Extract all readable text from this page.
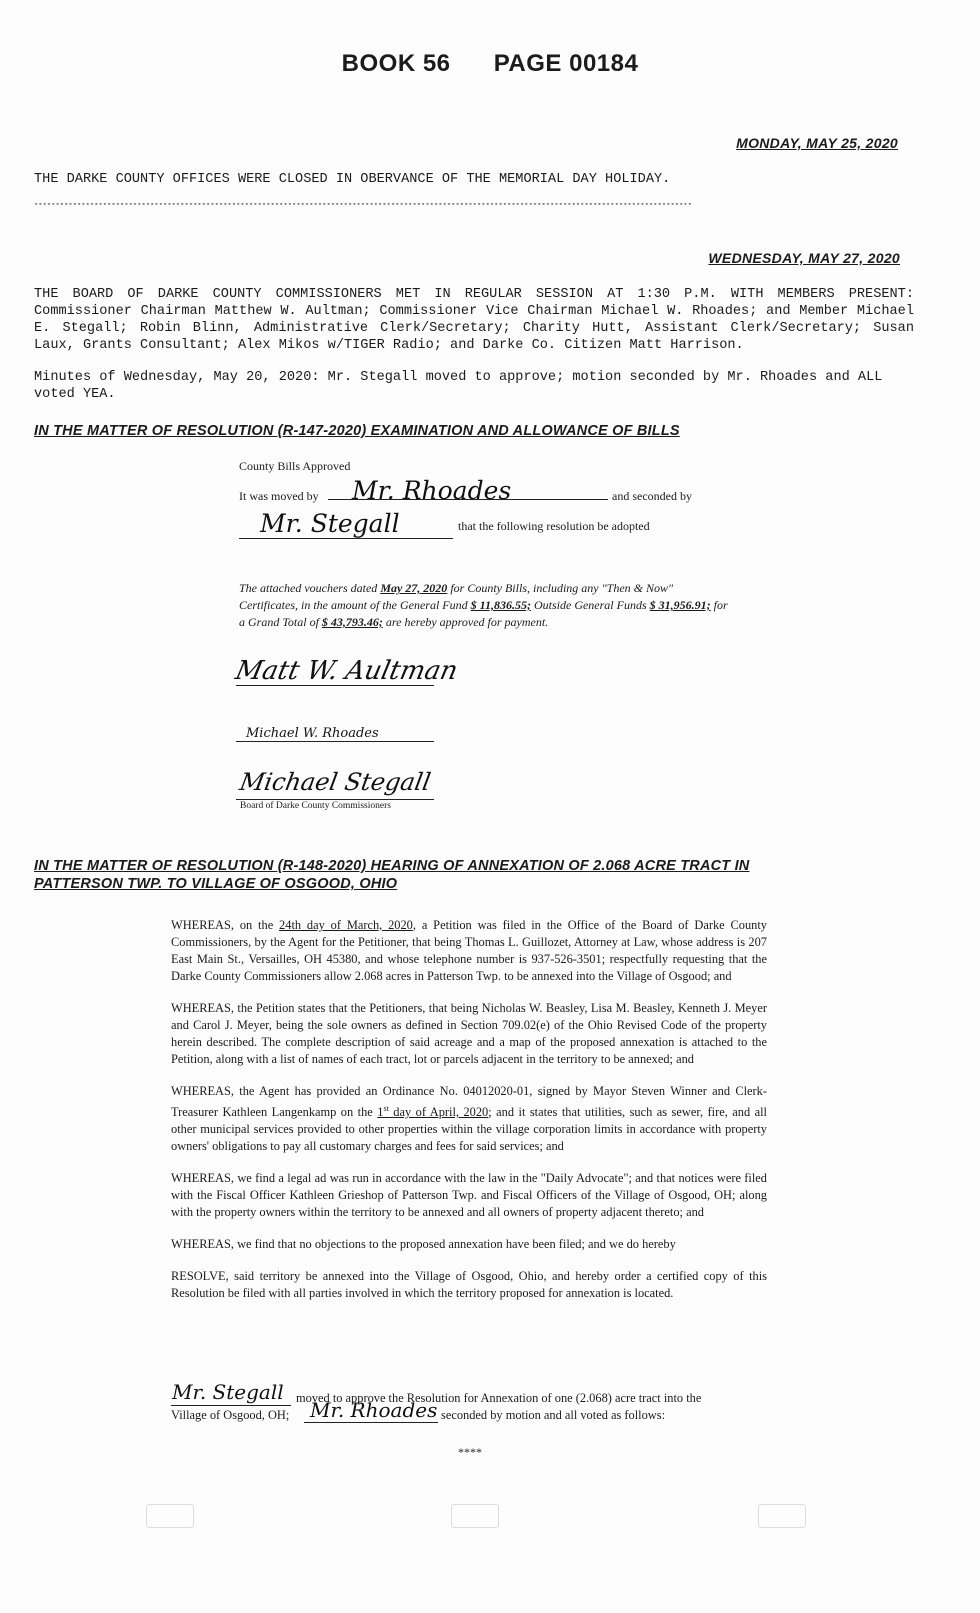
BOOK 56 PAGE 00184
MONDAY, MAY 25, 2020
THE DARKE COUNTY OFFICES WERE CLOSED IN OBERVANCE OF THE MEMORIAL DAY HOLIDAY.
*********************************************************************************************************************************************************
WEDNESDAY, MAY 27, 2020
THE BOARD OF DARKE COUNTY COMMISSIONERS MET IN REGULAR SESSION AT 1:30 P.M. WITH MEMBERS PRESENT: Commissioner Chairman Matthew W. Aultman; Commissioner Vice Chairman Michael W. Rhoades; and Member Michael E. Stegall; Robin Blinn, Administrative Clerk/Secretary; Charity Hutt, Assistant Clerk/Secretary; Susan Laux, Grants Consultant; Alex Mikos w/TIGER Radio; and Darke Co. Citizen Matt Harrison.
Minutes of Wednesday, May 20, 2020: Mr. Stegall moved to approve; motion seconded by Mr. Rhoades and ALL voted YEA.
IN THE MATTER OF RESOLUTION (R-147-2020) EXAMINATION AND ALLOWANCE OF BILLS
County Bills Approved
It was moved by Mr. Rhoades	and seconded by
Mr. Stegall	that the following resolution be adopted
The attached vouchers dated May 27, 2020 for County Bills, including any "Then & Now" Certificates, in the amount of the General Fund $ 11,836.55; Outside General Funds $ 31,956.91; for a Grand Total of $ 43,793.46; are hereby approved for payment.
Matt W. Aultman
Michael W. Rhoades
Michael Stegall
Board of Darke County Commissioners
IN THE MATTER OF RESOLUTION (R-148-2020) HEARING OF ANNEXATION OF 2.068 ACRE TRACT IN
PATTERSON TWP. TO VILLAGE OF OSGOOD, OHIO

WHEREAS, on the 24th day of March, 2020, a Petition was filed in the Office of the Board of Darke County Commissioners, by the Agent for the Petitioner, that being Thomas L. Guillozet, Attorney at Law, whose address is 207 East Main St., Versailles, OH 45380, and whose telephone number is 937-526-3501; respectfully requesting that the Darke County Commissioners allow 2.068 acres in Patterson Twp. to be annexed into the Village of Osgood; and

WHEREAS, the Petition states that the Petitioners, that being Nicholas W. Beasley, Lisa M. Beasley, Kenneth J. Meyer and Carol J. Meyer, being the sole owners as defined in Section 709.02(e) of the Ohio Revised Code of the property herein described. The complete description of said acreage and a map of the proposed annexation is attached to the Petition, along with a list of names of each tract, lot or parcels adjacent in the territory to be annexed; and

WHEREAS, the Agent has provided an Ordinance No. 04012020-01, signed by Mayor Steven Winner and Clerk-Treasurer Kathleen Langenkamp on the 1st day of April, 2020; and it states that utilities, such as sewer, fire, and all other municipal services provided to other properties within the village corporation limits in accordance with property owners' obligations to pay all customary charges and fees for said services; and

WHEREAS, we find a legal ad was run in accordance with the law in the "Daily Advocate"; and that notices were filed with the Fiscal Officer Kathleen Grieshop of Patterson Twp. and Fiscal Officers of the Village of Osgood, OH; along with the property owners within the territory to be annexed and all owners of property adjacent thereto; and

WHEREAS, we find that no objections to the proposed annexation have been filed; and we do hereby

RESOLVE, said territory be annexed into the Village of Osgood, Ohio, and hereby order a certified copy of this Resolution be filed with all parties involved in which the territory proposed for annexation is located.

Mr. Stegall moved to approve the Resolution for Annexation of one (2.068) acre tract into the
Village of Osgood, OH; Mr. Rhoades seconded by motion and all voted as follows:
****
